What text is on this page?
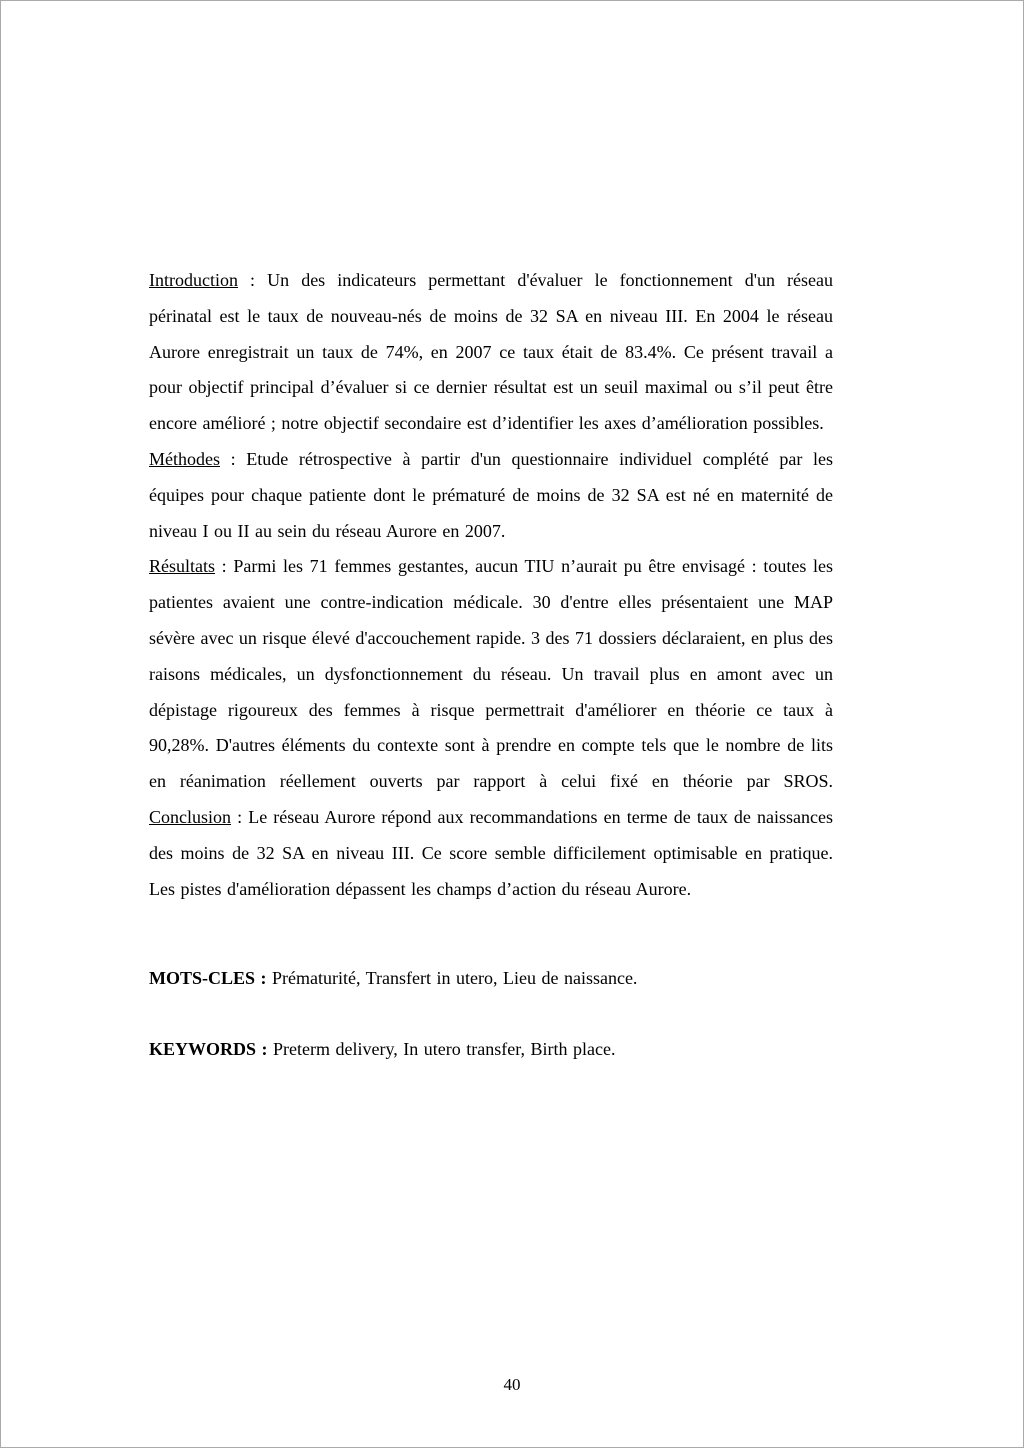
Introduction : Un des indicateurs permettant d'évaluer le fonctionnement d'un réseau périnatal est le taux de nouveau-nés de moins de 32 SA en niveau III. En 2004 le réseau Aurore enregistrait un taux de 74%, en 2007 ce taux était de 83.4%. Ce présent travail a pour objectif principal d’évaluer si ce dernier résultat est un seuil maximal ou s’il peut être encore amélioré ; notre objectif secondaire est d’identifier les axes d’amélioration possibles.

Méthodes : Etude rétrospective à partir d'un questionnaire individuel complété par les équipes pour chaque patiente dont le prématuré de moins de 32 SA est né en maternité de niveau I ou II au sein du réseau Aurore en 2007.

Résultats : Parmi les 71 femmes gestantes, aucun TIU n’aurait pu être envisagé : toutes les patientes avaient une contre-indication médicale. 30 d'entre elles présentaient une MAP sévère avec un risque élevé d'accouchement rapide. 3 des 71 dossiers déclaraient, en plus des raisons médicales, un dysfonctionnement du réseau. Un travail plus en amont avec un dépistage rigoureux des femmes à risque permettrait d'améliorer en théorie ce taux à 90,28%. D'autres éléments du contexte sont à prendre en compte tels que le nombre de lits en réanimation réellement ouverts par rapport à celui fixé en théorie par SROS.

Conclusion : Le réseau Aurore répond aux recommandations en terme de taux de naissances des moins de 32 SA en niveau III. Ce score semble difficilement optimisable en pratique. Les pistes d'amélioration dépassent les champs d’action du réseau Aurore.

MOTS-CLES : Prématurité, Transfert in utero, Lieu de naissance.

KEYWORDS : Preterm delivery, In utero transfer, Birth place.

40
